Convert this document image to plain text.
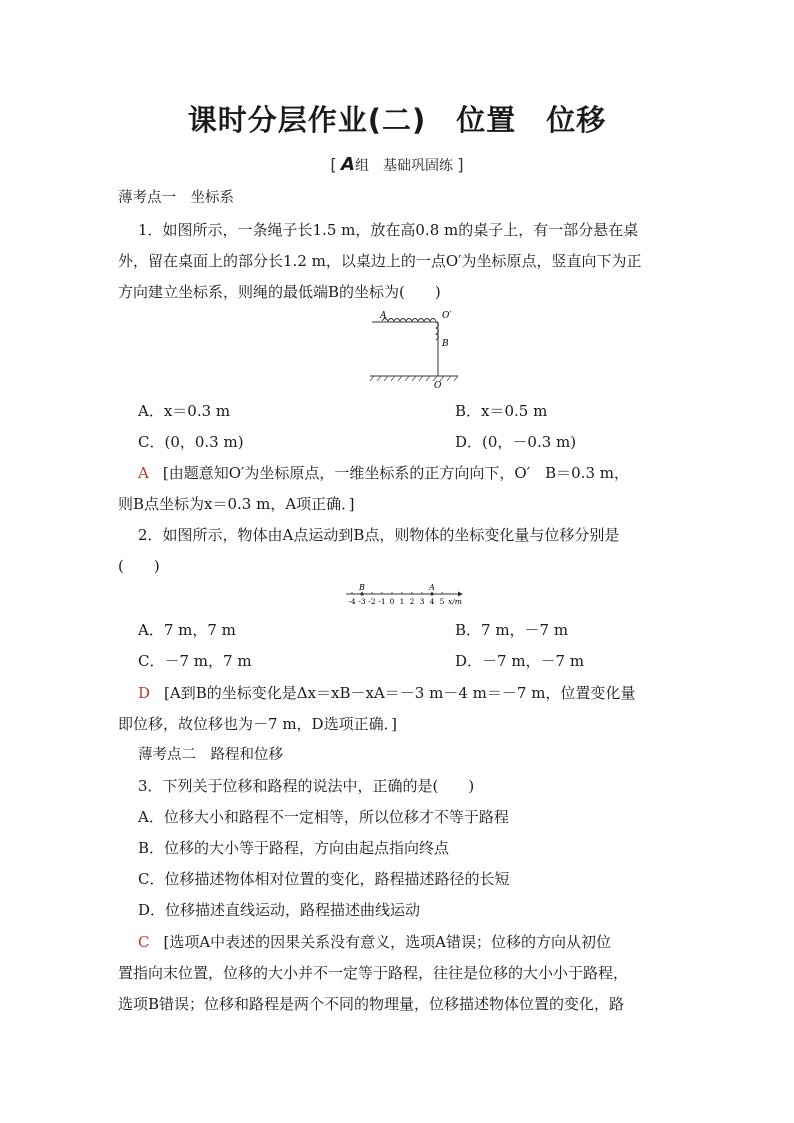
课时分层作业(二)　位置　位移
[ A组　基础巩固练 ]
薄考点一　坐标系
1．如图所示，一条绳子长1.5 m，放在高0.8 m的桌子上，有一部分悬在桌
外，留在桌面上的部分长1.2 m，以桌边上的一点O′为坐标原点，竖直向下为正
方向建立坐标系，则绳的最低端B的坐标为(　　)
A	O′
B
O
A．x＝0.3 m	B．x＝0.5 m
C．(0，0.3 m)	D．(0，－0.3 m)
A [由题意知O′为坐标原点，一维坐标系的正方向向下，O′　B＝0.3 m，
则B点坐标为x＝0.3 m，A项正确．]
2．如图所示，物体由A点运动到B点，则物体的坐标变化量与位移分别是
(　　)
B	A
-4 -3 -2 -1 0 1 2 3 4 5 x/m
A．7 m，7 m	B．7 m，－7 m
C．－7 m，7 m	D．－7 m，－7 m
D [A到B的坐标变化是Δx＝xB－xA＝－3 m－4 m＝－7 m，位置变化量
即位移，故位移也为－7 m，D选项正确．]
薄考点二　路程和位移
3．下列关于位移和路程的说法中，正确的是(　　)
A．位移大小和路程不一定相等，所以位移才不等于路程
B．位移的大小等于路程，方向由起点指向终点
C．位移描述物体相对位置的变化，路程描述路径的长短
D．位移描述直线运动，路程描述曲线运动
C [选项A中表述的因果关系没有意义，选项A错误；位移的方向从初位
置指向末位置，位移的大小并不一定等于路程，往往是位移的大小小于路程，
选项B错误；位移和路程是两个不同的物理量，位移描述物体位置的变化，路
